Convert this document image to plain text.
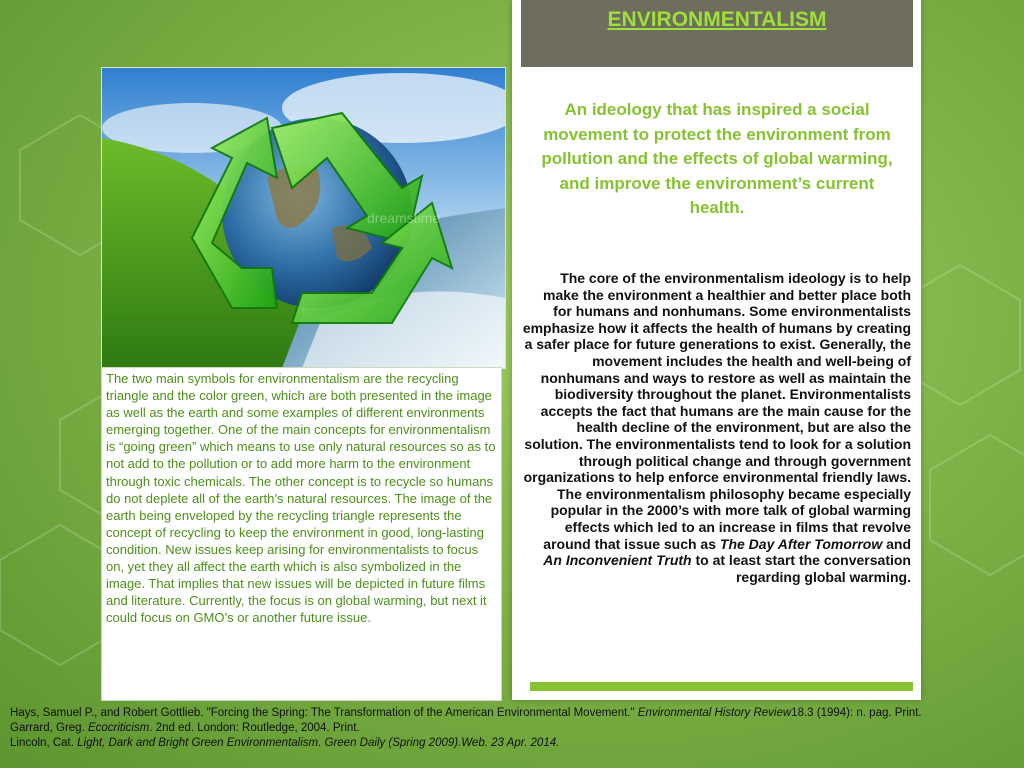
dreamstime

The two main symbols for environmentalism are the recycling triangle and the color green, which are both presented in the image as well as the earth and some examples of different environments emerging together. One of the main concepts for environmentalism is “going green” which means to use only natural resources so as to not add to the pollution or to add more harm to the environment through toxic chemicals. The other concept is to recycle so humans do not deplete all of the earth’s natural resources. The image of the earth being enveloped by the recycling triangle represents the concept of recycling to keep the environment in good, long-lasting condition. New issues keep arising for environmentalists to focus on, yet they all affect the earth which is also symbolized in the image. That implies that new issues will be depicted in future films and literature. Currently, the focus is on global warming, but next it could focus on GMO’s or another future issue.

ENVIRONMENTALISM

An ideology that has inspired a social movement to protect the environment from pollution and the effects of global warming, and improve the environment’s current health.

The core of the environmentalism ideology is to help make the environment a healthier and better place both for humans and nonhumans. Some environmentalists emphasize how it affects the health of humans by creating a safer place for future generations to exist. Generally, the movement includes the health and well-being of nonhumans and ways to restore as well as maintain the biodiversity throughout the planet. Environmentalists accepts the fact that humans are the main cause for the health decline of the environment, but are also the solution. The environmentalists tend to look for a solution through political change and through government organizations to help enforce environmental friendly laws. The environmentalism philosophy became especially popular in the 2000’s with more talk of global warming effects which led to an increase in films that revolve around that issue such as The Day After Tomorrow and An Inconvenient Truth to at least start the conversation regarding global warming.

Hays, Samuel P., and Robert Gottlieb. "Forcing the Spring: The Transformation of the American Environmental Movement." Environmental History Review18.3 (1994): n. pag. Print.

Garrard, Greg. Ecocriticism. 2nd ed. London: Routledge, 2004. Print.

Lincoln, Cat. Light, Dark and Bright Green Environmentalism. Green Daily (Spring 2009).Web. 23 Apr. 2014.
